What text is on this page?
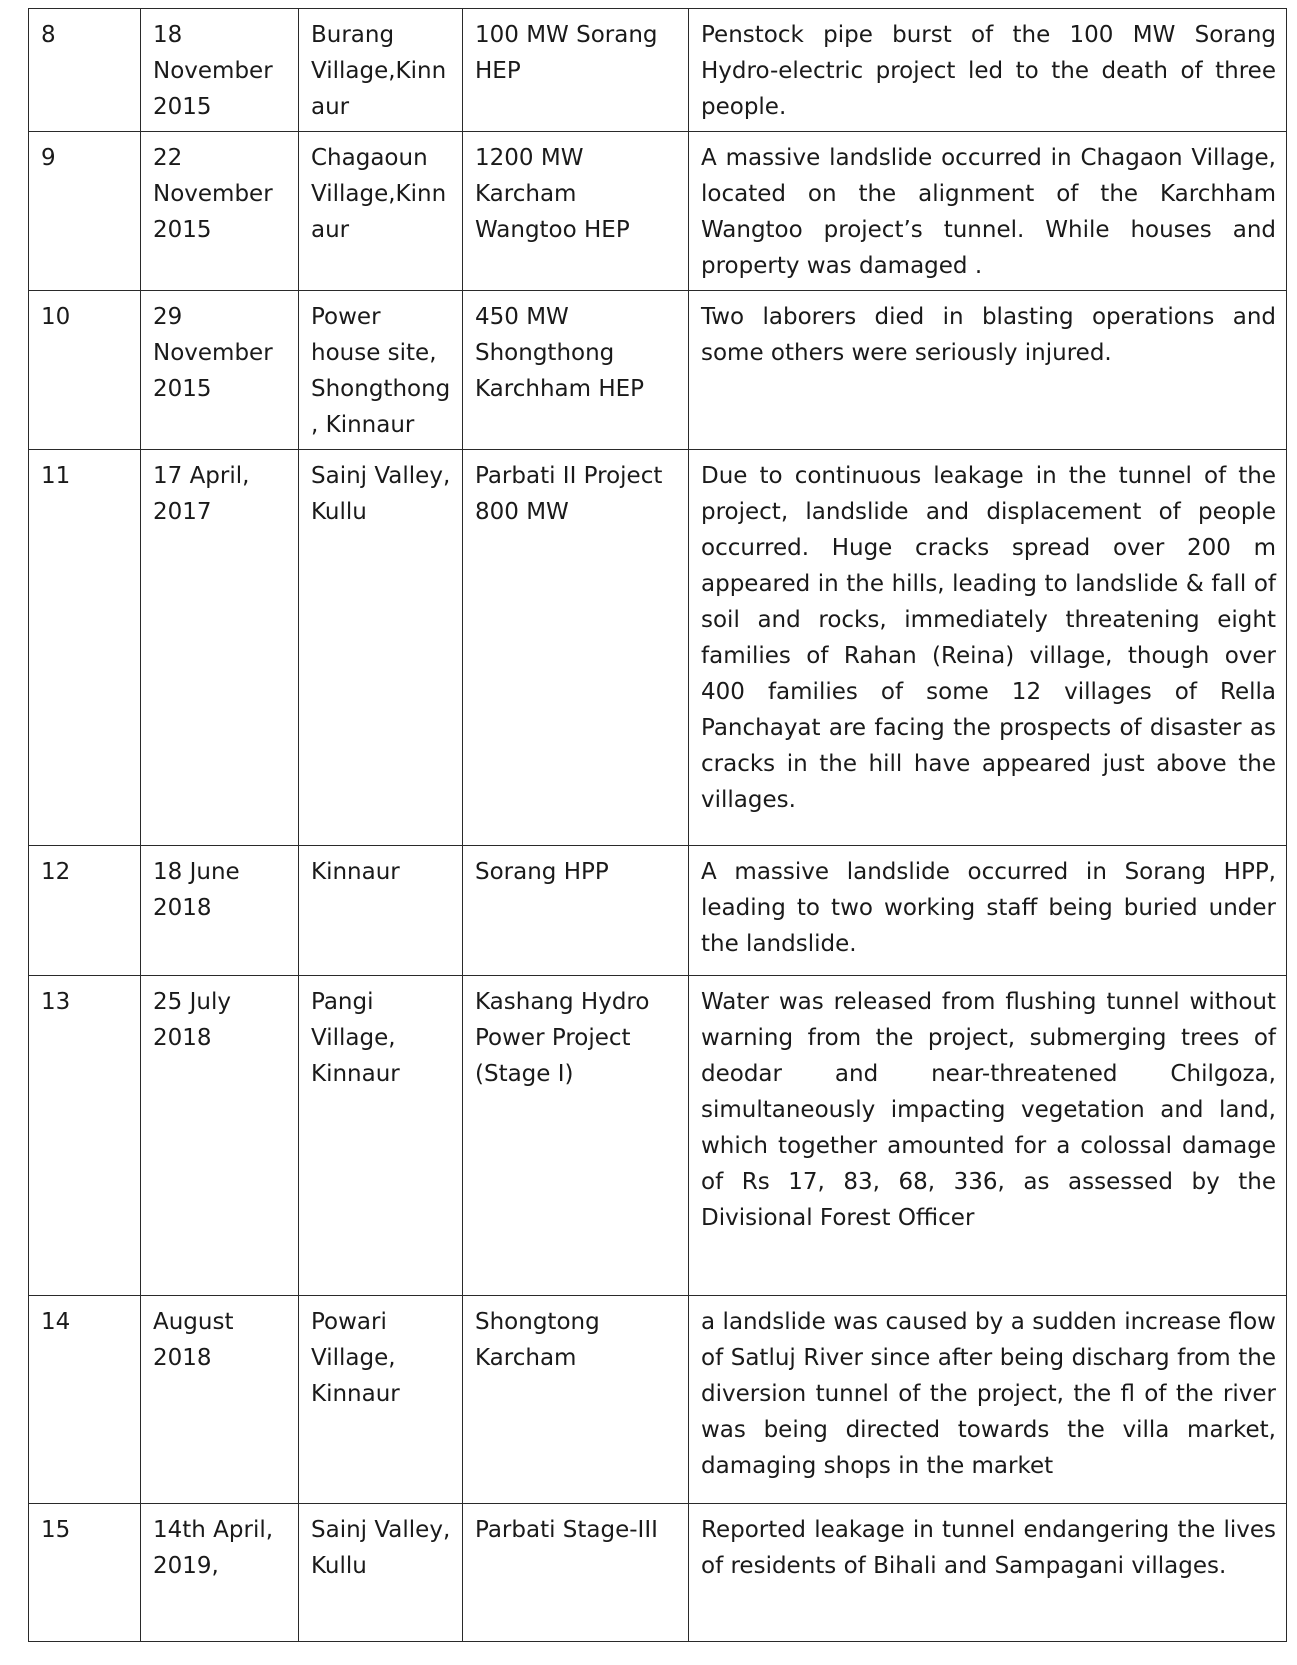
8	18 November 2015	Burang Village,Kinnaur	100 MW Sorang HEP	Penstock pipe burst of the 100 MW Sorang Hydro-electric project led to the death of three people.
9	22 November 2015	Chagaoun Village,Kinnaur	1200 MW Karcham Wangtoo HEP	A massive landslide occurred in Chagaon Village, located on the alignment of the Karchham Wangtoo project’s tunnel. While houses and property was damaged .
10	29 November 2015	Power house site, Shongthong, Kinnaur	450 MW Shongthong Karchham HEP	Two laborers died in blasting operations and some others were seriously injured.
11	17 April, 2017	Sainj Valley, Kullu	Parbati II Project 800 MW	Due to continuous leakage in the tunnel of the project, landslide and displacement of people occurred. Huge cracks spread over 200 m appeared in the hills, leading to landslide & fall of soil and rocks, immediately threatening eight families of Rahan (Reina) village, though over 400 families of some 12 villages of Rella Panchayat are facing the prospects of disaster as cracks in the hill have appeared just above the villages.
12	18 June 2018	Kinnaur	Sorang HPP	A massive landslide occurred in Sorang HPP, leading to two working staff being buried under the landslide.
13	25 July 2018	Pangi Village, Kinnaur	Kashang Hydro Power Project (Stage I)	Water was released from flushing tunnel without warning from the project, submerging trees of deodar and near-threatened Chilgoza, simultaneously impacting vegetation and land, which together amounted for a colossal damage of Rs 17, 83, 68, 336, as assessed by the Divisional Forest Officer
14	August 2018	Powari Village, Kinnaur	Shongtong Karcham	a landslide was caused by a sudden increase flow of Satluj River since after being discharg from the diversion tunnel of the project, the fl of the river was being directed towards the villa market, damaging shops in the market
15	14th April, 2019,	Sainj Valley, Kullu	Parbati Stage-III	Reported leakage in tunnel endangering the lives of residents of Bihali and Sampagani villages.
